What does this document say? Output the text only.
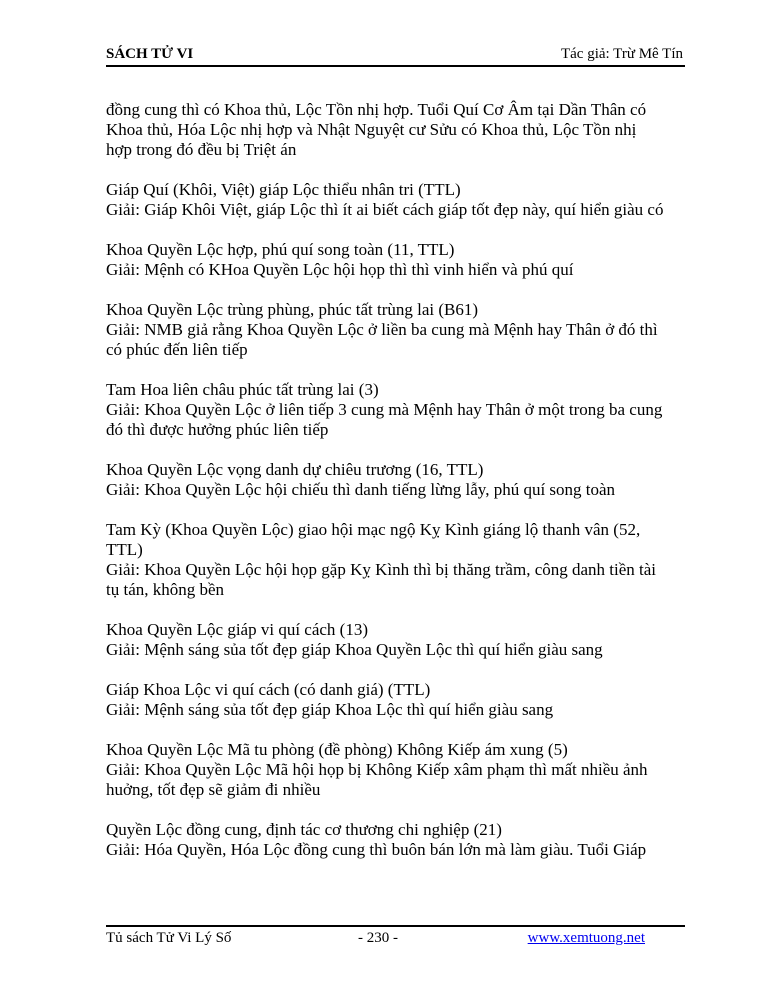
SÁCH TỬ VI	Tác giả: Trừ Mê Tín
đồng cung thì có Khoa thủ, Lộc Tồn nhị hợp. Tuổi Quí Cơ Âm tại Dần Thân có
Khoa thủ, Hóa Lộc nhị hợp và Nhật Nguyệt cư Sửu có Khoa thủ, Lộc Tồn nhị
hợp trong đó đều bị Triệt án
Giáp Quí (Khôi, Việt) giáp Lộc thiểu nhân tri (TTL)
Giải: Giáp Khôi Việt, giáp Lộc thì ít ai biết cách giáp tốt đẹp này, quí hiển giàu có
Khoa Quyền Lộc hợp, phú quí song toàn (11, TTL)
Giải: Mệnh có KHoa Quyền Lộc hội họp thì thì vinh hiển và phú quí
Khoa Quyền Lộc trùng phùng, phúc tất trùng lai (B61)
Giải: NMB giả rằng Khoa Quyền Lộc ở liền ba cung mà Mệnh hay Thân ở đó thì
có phúc đến liên tiếp
Tam Hoa liên châu phúc tất trùng lai (3)
Giải: Khoa Quyền Lộc ở liên tiếp 3 cung mà Mệnh hay Thân ở một trong ba cung
đó thì được hưởng phúc liên tiếp
Khoa Quyền Lộc vọng danh dự chiêu trương (16, TTL)
Giải: Khoa Quyền Lộc hội chiếu thì danh tiếng lừng lẫy, phú quí song toàn
Tam Kỳ (Khoa Quyền Lộc) giao hội mạc ngộ Kỵ Kình giáng lộ thanh vân (52,
TTL)
Giải: Khoa Quyền Lộc hội họp gặp Kỵ Kình thì bị thăng trầm, công danh tiền tài
tụ tán, không bền
Khoa Quyền Lộc giáp vi quí cách (13)
Giải: Mệnh sáng sủa tốt đẹp giáp Khoa Quyền Lộc thì quí hiển giàu sang
Giáp Khoa Lộc vi quí cách (có danh giá) (TTL)
Giải: Mệnh sáng sủa tốt đẹp giáp Khoa Lộc thì quí hiển giàu sang
Khoa Quyền Lộc Mã tu phòng (đề phòng) Không Kiếp ám xung (5)
Giải: Khoa Quyền Lộc Mã hội họp bị Không Kiếp xâm phạm thì mất nhiều ảnh
huởng, tốt đẹp sẽ giảm đi nhiều
Quyền Lộc đồng cung, định tác cơ thương chi nghiệp (21)
Giải: Hóa Quyền, Hóa Lộc đồng cung thì buôn bán lớn mà làm giàu. Tuổi Giáp
Tủ sách Tử Vi Lý Số	- 230 -	www.xemtuong.net
